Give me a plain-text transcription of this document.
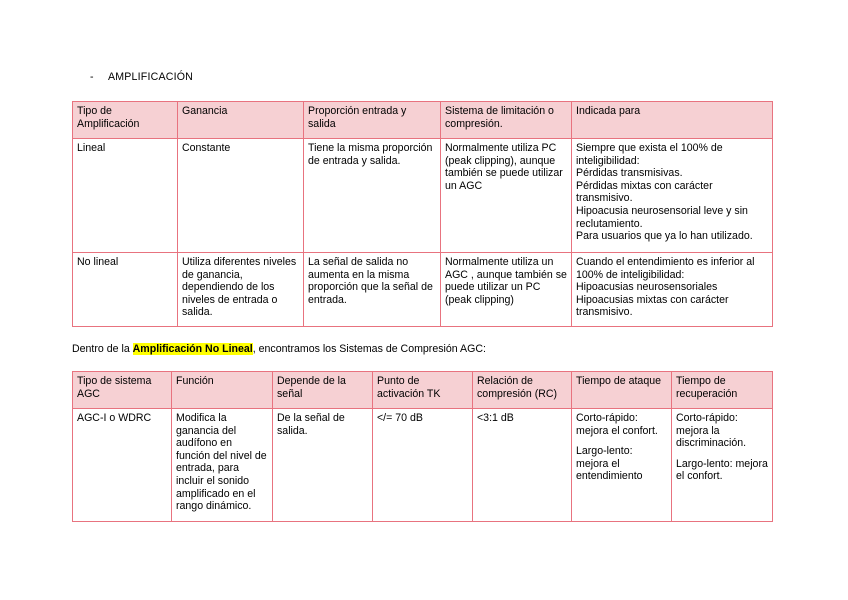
- AMPLIFICACIÓN
Tipo de Amplificación	Ganancia	Proporción entrada y salida	Sistema de limitación o compresión.	Indicada para
Lineal	Constante	Tiene la misma proporción de entrada y salida.	Normalmente utiliza PC (peak clipping), aunque también se puede utilizar un AGC	Siempre que exista el 100% de inteligibilidad:
Pérdidas transmisivas.
Pérdidas mixtas con carácter transmisivo.
Hipoacusia neurosensorial leve y sin reclutamiento.
Para usuarios que ya lo han utilizado.

No lineal	Utiliza diferentes niveles de ganancia, dependiendo de los niveles de entrada o salida.	La señal de salida no aumenta en la misma proporción que la señal de entrada.	Normalmente utiliza un AGC , aunque también se puede utilizar un PC (peak clipping)	Cuando el entendimiento es inferior al 100% de inteligibilidad:
Hipoacusias neurosensoriales
Hipoacusias mixtas con carácter transmisivo.
Dentro de la Amplificación No Lineal, encontramos los Sistemas de Compresión AGC:
Tipo de sistema AGC	Función	Depende de la señal	Punto de activación TK	Relación de compresión (RC)	Tiempo de ataque	Tiempo de recuperación
AGC-I o WDRC	Modifica la ganancia del audífono en función del nivel de entrada, para incluir el sonido amplificado en el rango dinámico.	De la señal de salida.	</= 70 dB	<3:1 dB	Corto-rápido: mejora el confort.
Largo-lento: mejora el entendimiento	Corto-rápido: mejora la discriminación.
Largo-lento: mejora el confort.
